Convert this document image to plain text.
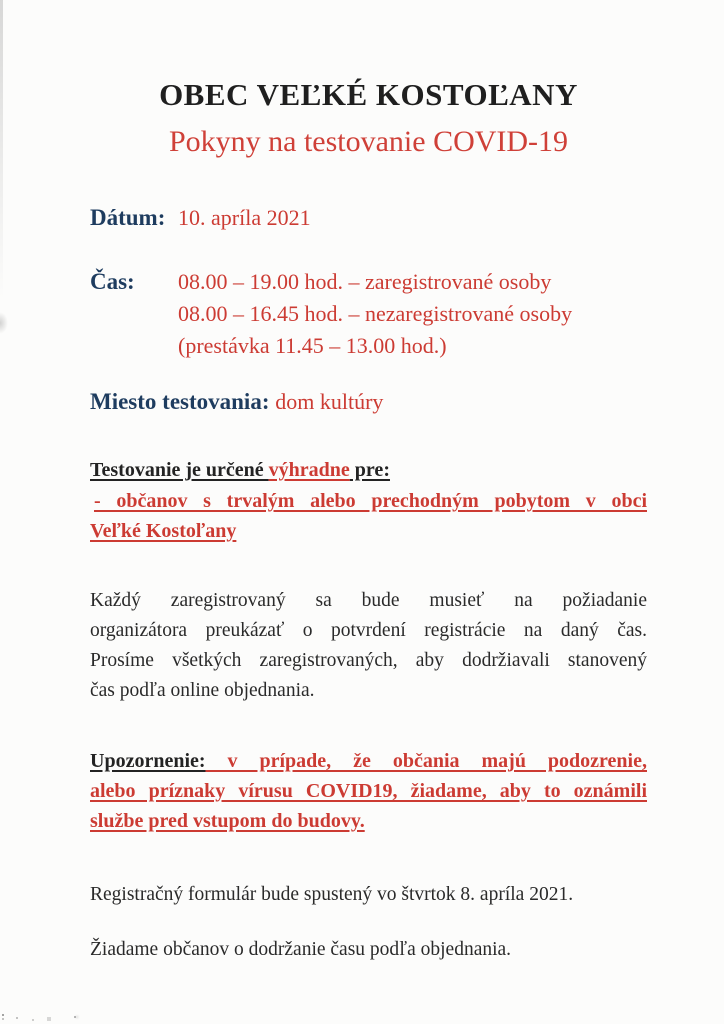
OBEC VEĽKÉ KOSTOĽANY
Pokyny na testovanie COVID-19
Dátum: 10. apríla 2021
Čas:	08.00 – 19.00 hod. – zaregistrované osoby
08.00 – 16.45 hod. – nezaregistrované osoby
(prestávka 11.45 – 13.00 hod.)
Miesto testovania: dom kultúry
Testovanie je určené výhradne pre:
- občanov s trvalým alebo prechodným pobytom v obci
Veľké Kostoľany
Každý zaregistrovaný sa bude musieť na požiadanie
organizátora preukázať o potvrdení registrácie na daný čas.
Prosíme všetkých zaregistrovaných, aby dodržiavali stanovený
čas podľa online objednania.
Upozornenie: v prípade, že občania majú podozrenie,
alebo príznaky vírusu COVID19, žiadame, aby to oznámili
službe pred vstupom do budovy.
Registračný formulár bude spustený vo štvrtok 8. apríla 2021.
Žiadame občanov o dodržanie času podľa objednania.
